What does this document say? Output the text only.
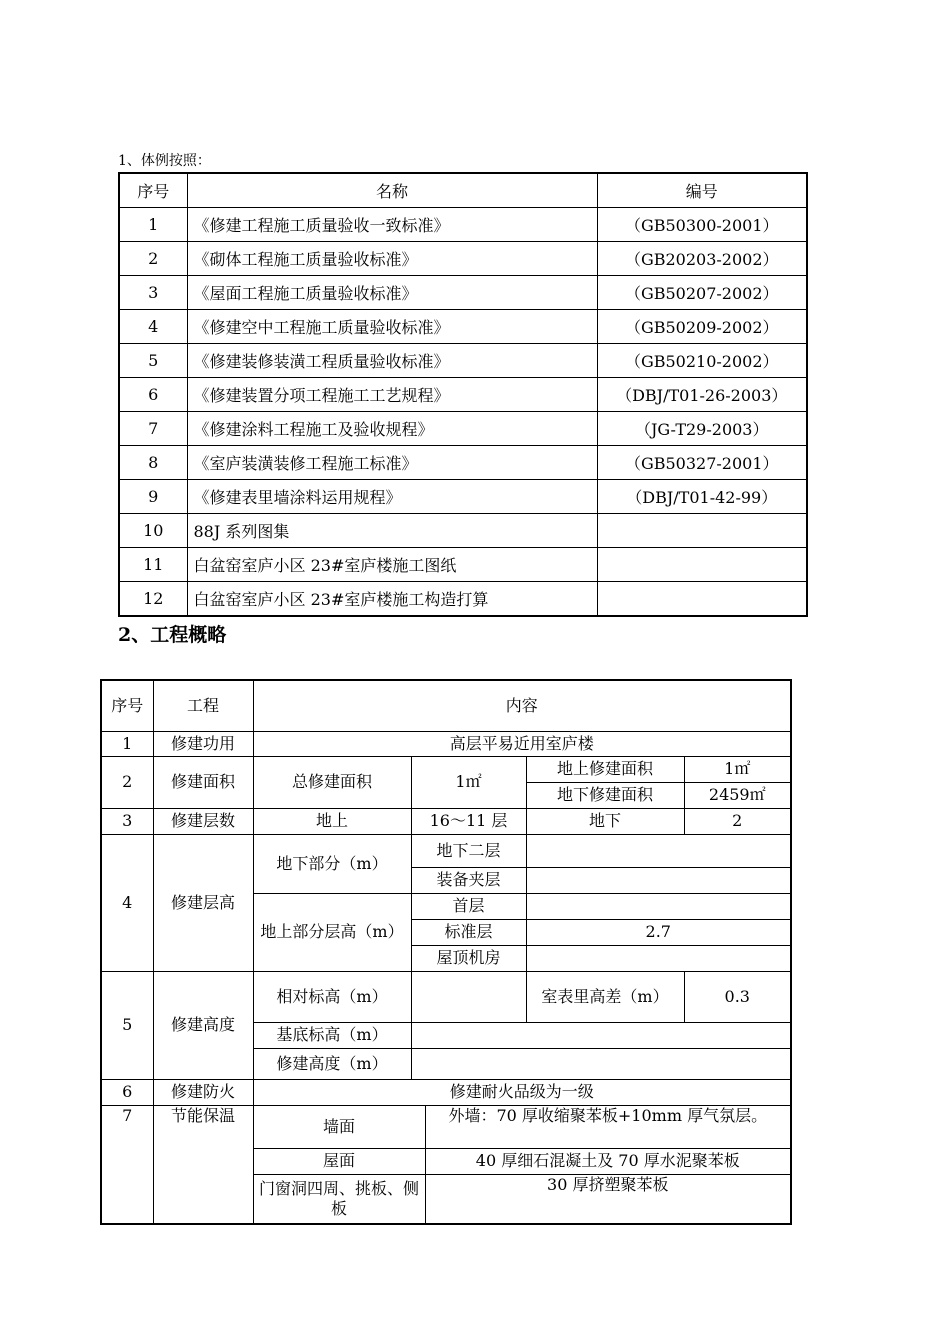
1、体例按照：
序号	名称	编号
1	《修建工程施工质量验收一致标准》	（GB50300-2001）
2	《砌体工程施工质量验收标准》	（GB20203-2002）
3	《屋面工程施工质量验收标准》	（GB50207-2002）
4	《修建空中工程施工质量验收标准》	（GB50209-2002）
5	《修建装修装潢工程质量验收标准》	（GB50210-2002）
6	《修建装置分项工程施工工艺规程》	（DBJ/T01-26-2003）
7	《修建涂料工程施工及验收规程》	（JG-T29-2003）
8	《室庐装潢装修工程施工标准》	（GB50327-2001）
9	《修建表里墙涂料运用规程》	（DBJ/T01-42-99）
10	88J 系列图集	
11	白盆窑室庐小区 23#室庐楼施工图纸	
12	白盆窑室庐小区 23#室庐楼施工构造打算	
2、工程概略
序号	工程	内容				
1	修建功用	高层平易近用室庐楼				
2	修建面积	总修建面积	1㎡		地上修建面积	1㎡
					地下修建面积	2459㎡
3	修建层数	地上	16～11 层		地下	2
4	修建层高	地下部分（m）	地下二层			
			装备夹层			
		地上部分层高（m）	首层			
			标准层		2.7	
			屋顶机房			
5	修建高度	相对标高（m）			室表里高差（m）	0.3
		基底标高（m）				
		修建高度（m）				
6	修建防火	修建耐火品级为一级				
7	节能保温	墙面		外墙：70 厚收缩聚苯板+10mm 厚气氛层。		
		屋面		40 厚细石混凝土及 70 厚水泥聚苯板		
		门窗洞四周、挑板、侧板		30 厚挤塑聚苯板		
